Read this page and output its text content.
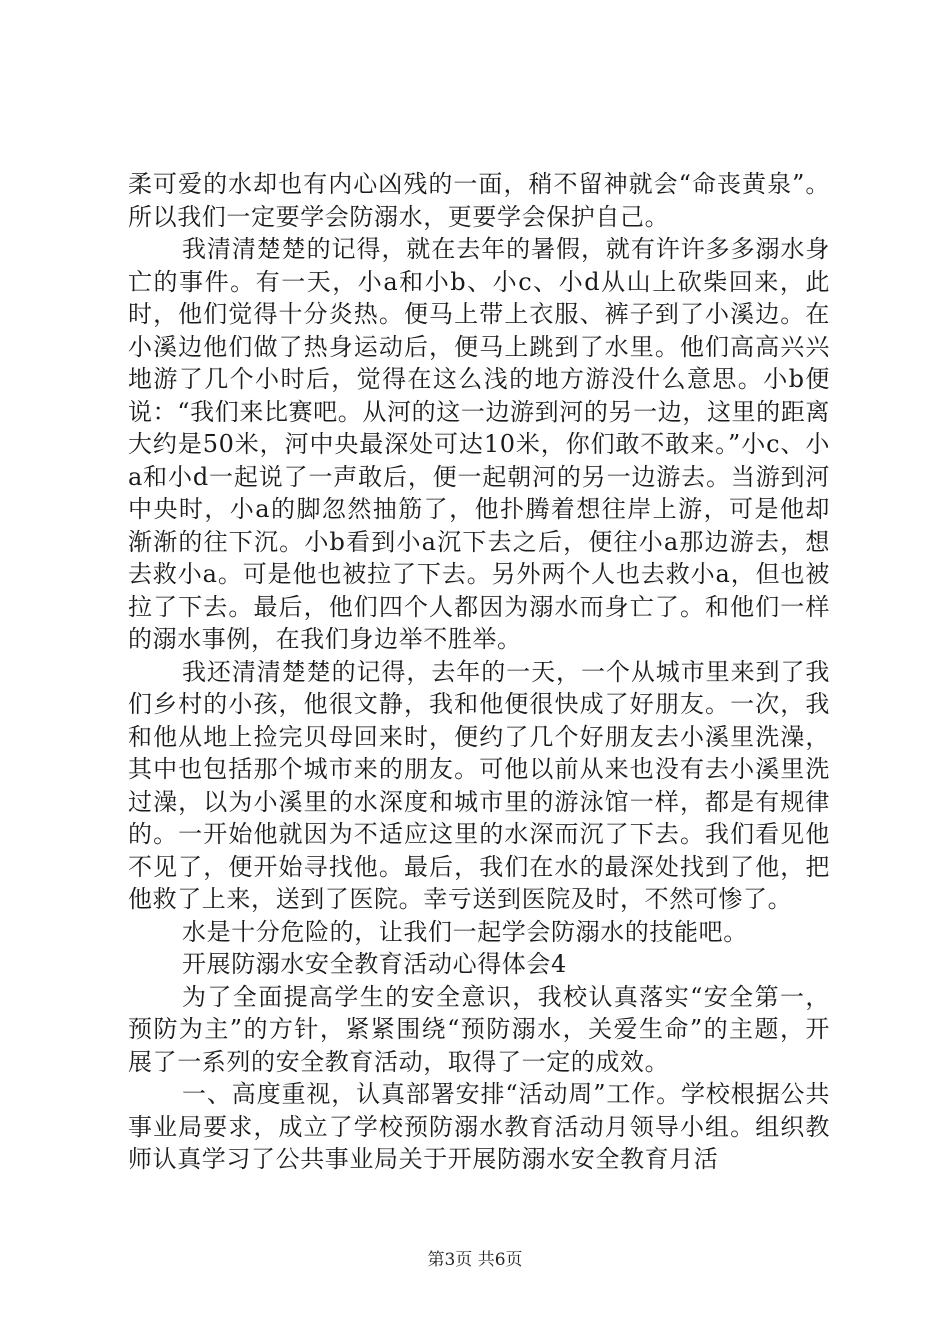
柔可爱的水却也有内心凶残的一面，稍不留神就会“命丧黄泉”。所以我们一定要学会防溺水，更要学会保护自己。

我清清楚楚的记得，就在去年的暑假，就有许许多多溺水身亡的事件。有一天，小a和小b、小c、小d从山上砍柴回来，此时，他们觉得十分炎热。便马上带上衣服、裤子到了小溪边。在小溪边他们做了热身运动后，便马上跳到了水里。他们高高兴兴地游了几个小时后，觉得在这么浅的地方游没什么意思。小b便说：“我们来比赛吧。从河的这一边游到河的另一边，这里的距离大约是50米，河中央最深处可达10米，你们敢不敢来。”小c、小a和小d一起说了一声敢后，便一起朝河的另一边游去。当游到河中央时，小a的脚忽然抽筋了，他扑腾着想往岸上游，可是他却渐渐的往下沉。小b看到小a沉下去之后，便往小a那边游去，想去救小a。可是他也被拉了下去。另外两个人也去救小a，但也被拉了下去。最后，他们四个人都因为溺水而身亡了。和他们一样的溺水事例，在我们身边举不胜举。

我还清清楚楚的记得，去年的一天，一个从城市里来到了我们乡村的小孩，他很文静，我和他便很快成了好朋友。一次，我和他从地上捡完贝母回来时，便约了几个好朋友去小溪里洗澡，其中也包括那个城市来的朋友。可他以前从来也没有去小溪里洗过澡，以为小溪里的水深度和城市里的游泳馆一样，都是有规律的。一开始他就因为不适应这里的水深而沉了下去。我们看见他不见了，便开始寻找他。最后，我们在水的最深处找到了他，把他救了上来，送到了医院。幸亏送到医院及时，不然可惨了。

水是十分危险的，让我们一起学会防溺水的技能吧。

开展防溺水安全教育活动心得体会4

为了全面提高学生的安全意识，我校认真落实“安全第一，预防为主”的方针，紧紧围绕“预防溺水，关爱生命”的主题，开展了一系列的安全教育活动，取得了一定的成效。

一、高度重视，认真部署安排“活动周”工作。学校根据公共事业局要求，成立了学校预防溺水教育活动月领导小组。组织教师认真学习了公共事业局关于开展防溺水安全教育月活

第3页 共6页
